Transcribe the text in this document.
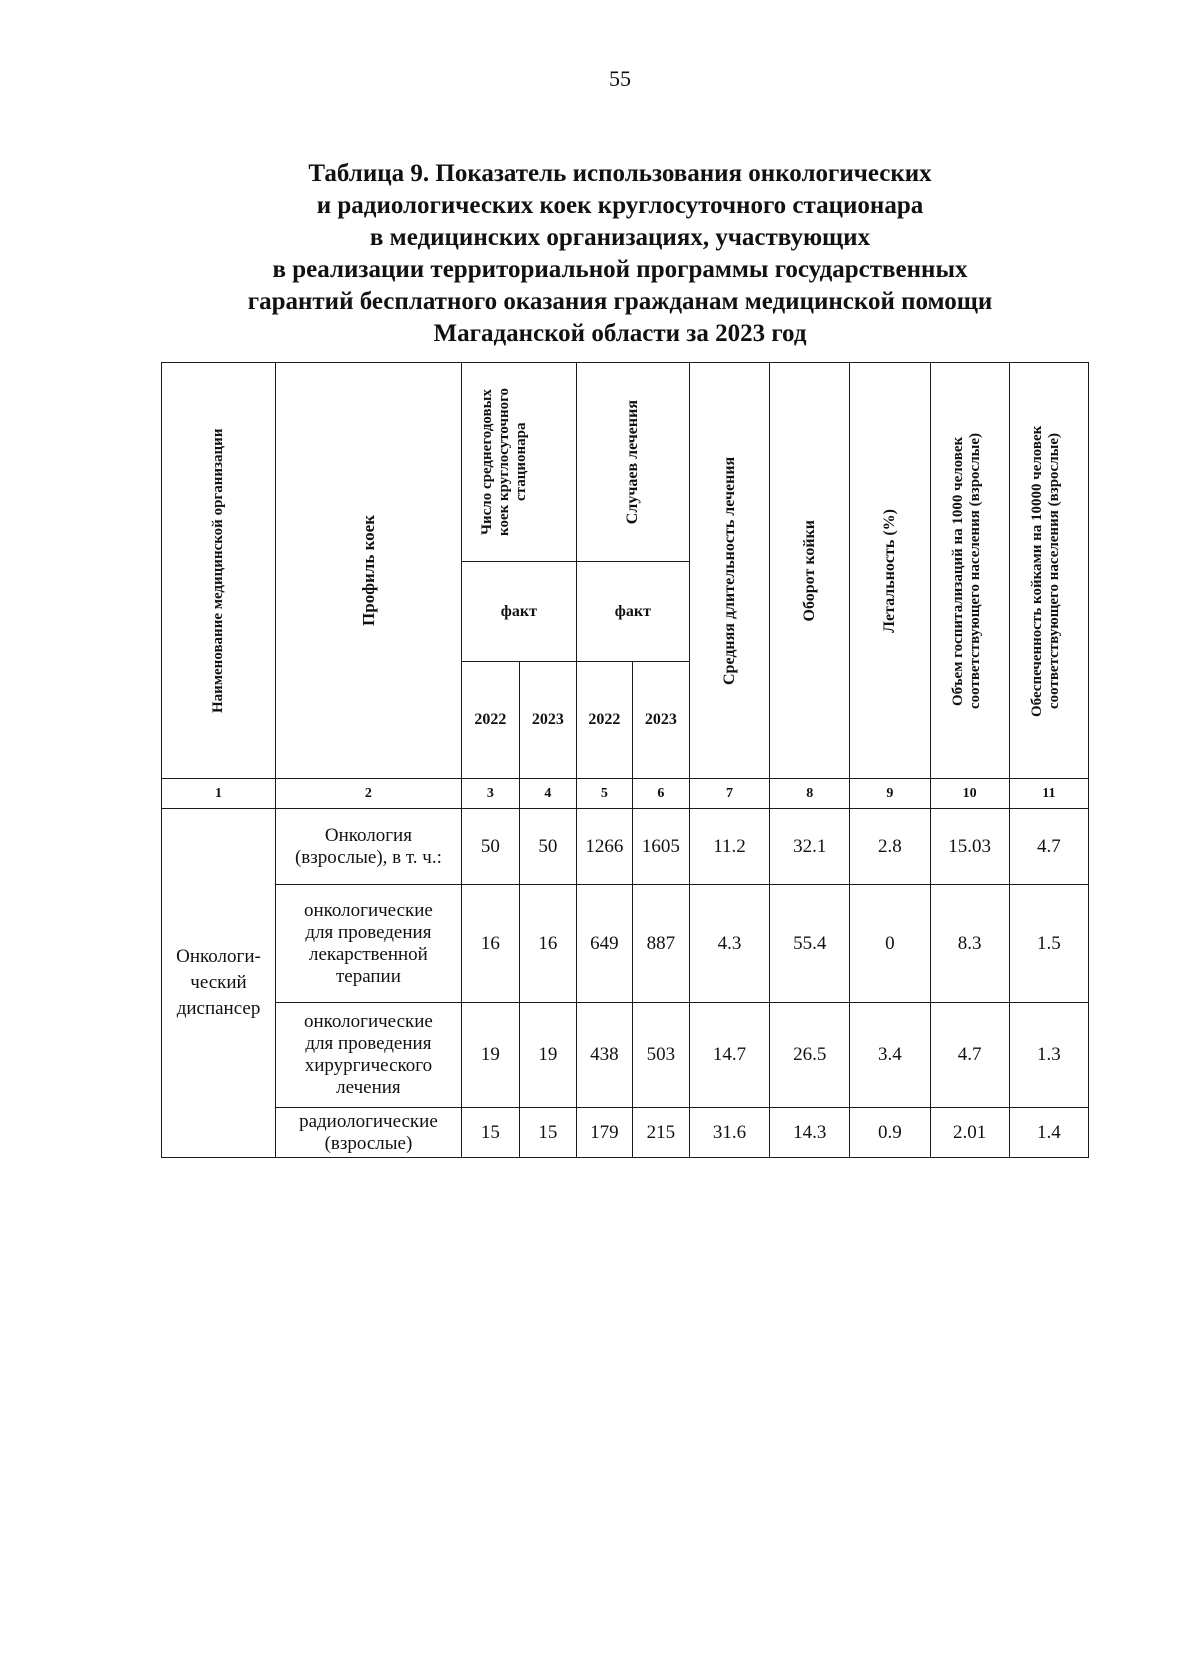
55
Таблица 9. Показатель использования онкологических
и радиологических коек круглосуточного стационара
в медицинских организациях, участвующих
в реализации территориальной программы государственных
гарантий бесплатного оказания гражданам медицинской помощи
Магаданской области за 2023 год
Наименование медицинской организации	Профиль коек	Число среднегодовых коек круглосуточного стационара		Случаев лечения		Средняя длительность лечения	Оборот койки	Летальность (%)	Объем госпитализаций на 1000 человек соответствующего населения (взрослые)	Обеспеченность койками на 10000 человек соответствующего населения (взрослые)

		факт		факт						
		2022	2023	2022	2023					
1	2	3	4	5	6	7	8	9	10	11
Онкологи-ческий диспансер	Онкология (взрослые), в т. ч.:	50	50	1266	1605	11.2	32.1	2.8	15.03	4.7
	онкологические для проведения лекарственной терапии	16	16	649	887	4.3	55.4	0	8.3	1.5
	онкологические для проведения хирургического лечения	19	19	438	503	14.7	26.5	3.4	4.7	1.3
	радиологические (взрослые)	15	15	179	215	31.6	14.3	0.9	2.01	1.4
